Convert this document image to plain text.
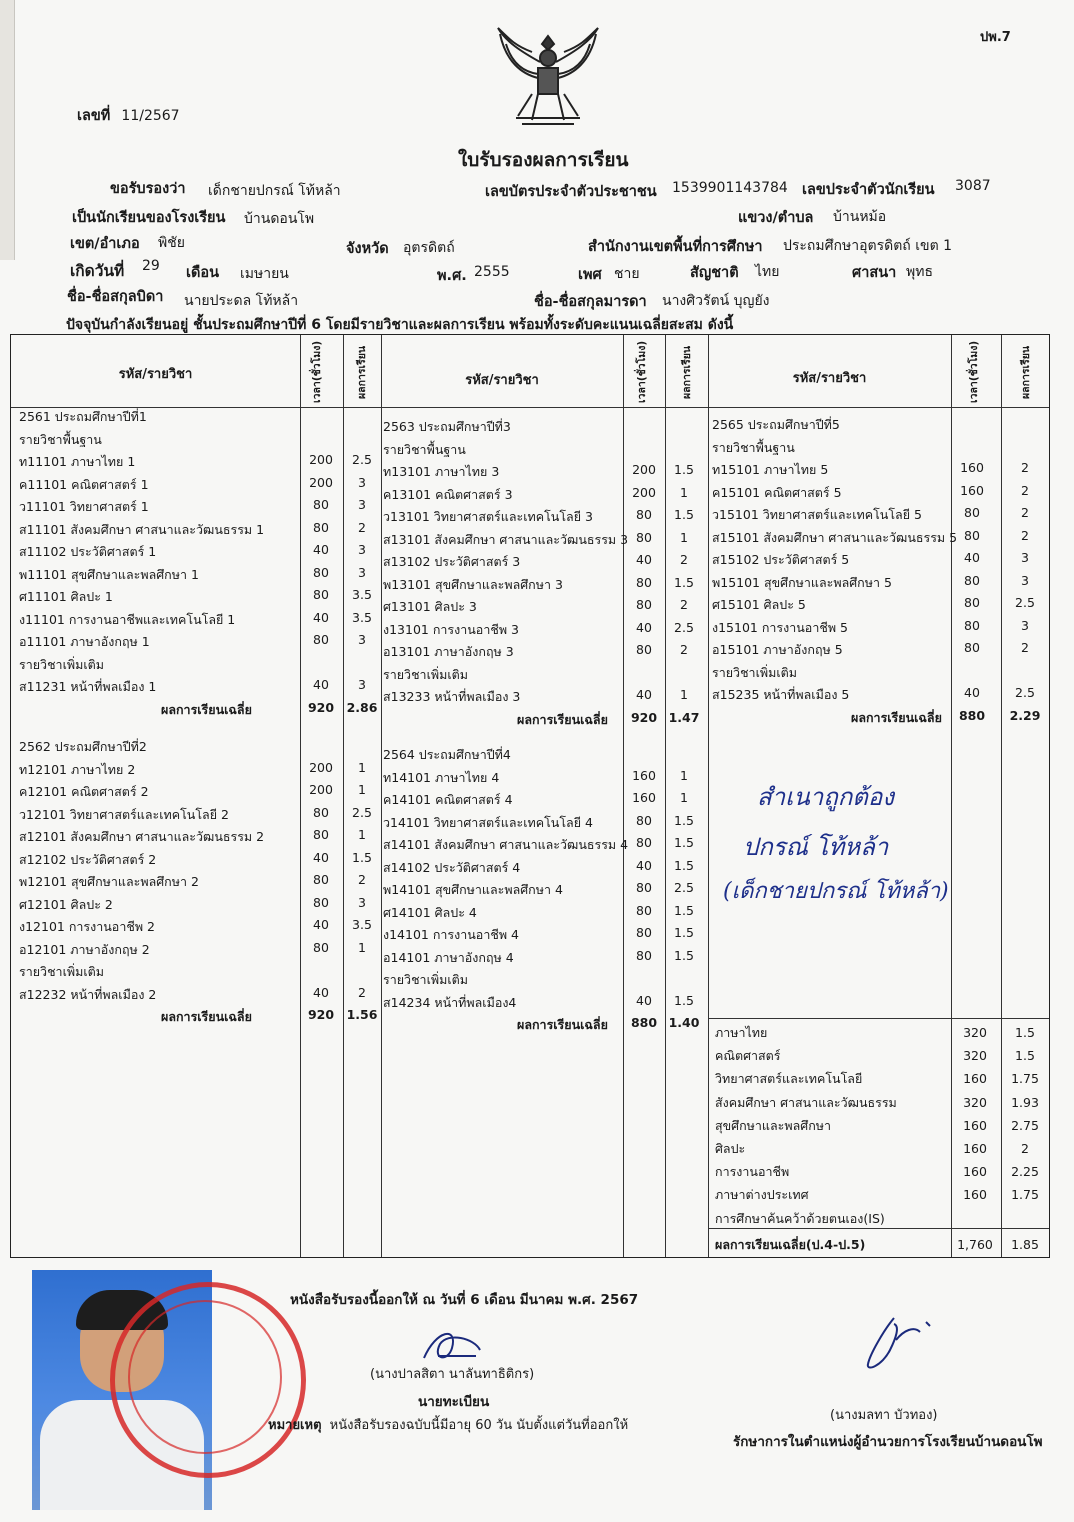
ปพ.7
เลขที่ 11/2567
ใบรับรองผลการเรียน
ขอรับรองว่า เด็กชายปกรณ์ โท้หล้า	เลขบัตรประจำตัวประชาชน 1539901143784 เลขประจำตัวนักเรียน 3087
เป็นนักเรียนของโรงเรียน บ้านดอนโพ	แขวง/ตำบล บ้านหม้อ
เขต/อำเภอ พิชัย	จังหวัด อุตรดิตถ์	สำนักงานเขตพื้นที่การศึกษา ประถมศึกษาอุตรดิตถ์ เขต 1
เกิดวันที่ 29 เดือน เมษายน	พ.ศ. 2555	เพศ ชาย	สัญชาติ ไทย	ศาสนา พุทธ
ชื่อ-ชื่อสกุลบิดา นายประดล โท้หล้า	ชื่อ-ชื่อสกุลมารดา นางศิวรัตน์ บุญยัง
ปัจจุบันกำลังเรียนอยู่ ชั้นประถมศึกษาปีที่ 6 โดยมีรายวิชาและผลการเรียน พร้อมทั้งระดับคะแนนเฉลี่ยสะสม ดังนี้
รหัส/รายวิชา	เวลา(ชั่วโมง)	ผลการเรียน	รหัส/รายวิชา	เวลา(ชั่วโมง)	ผลการเรียน	รหัส/รายวิชา	เวลา(ชั่วโมง)	ผลการเรียน
2561 ประถมศึกษาปีที่1
รายวิชาพื้นฐาน
ท11101 ภาษาไทย 1	200	2.5
ค11101 คณิตศาสตร์ 1	200	3
ว11101 วิทยาศาสตร์ 1	80	3
ส11101 สังคมศึกษา ศาสนาและวัฒนธรรม 1	80	2
ส11102 ประวัติศาสตร์ 1	40	3
พ11101 สุขศึกษาและพลศึกษา 1	80	3
ศ11101 ศิลปะ 1	80	3.5
ง11101 การงานอาชีพและเทคโนโลยี 1	40	3.5
อ11101 ภาษาอังกฤษ 1	80	3
รายวิชาเพิ่มเติม
ส11231 หน้าที่พลเมือง 1	40	3
ผลการเรียนเฉลี่ย	920	2.86
2562 ประถมศึกษาปีที่2
ท12101 ภาษาไทย 2	200	1
ค12101 คณิตศาสตร์ 2	200	1
ว12101 วิทยาศาสตร์และเทคโนโลยี 2	80	2.5
ส12101 สังคมศึกษา ศาสนาและวัฒนธรรม 2	80	1
ส12102 ประวัติศาสตร์ 2	40	1.5
พ12101 สุขศึกษาและพลศึกษา 2	80	2
ศ12101 ศิลปะ 2	80	3
ง12101 การงานอาชีพ 2	40	3.5
อ12101 ภาษาอังกฤษ 2	80	1
รายวิชาเพิ่มเติม
ส12232 หน้าที่พลเมือง 2	40	2
ผลการเรียนเฉลี่ย	920	1.56
2563 ประถมศึกษาปีที่3
รายวิชาพื้นฐาน
ท13101 ภาษาไทย 3	200	1.5
ค13101 คณิตศาสตร์ 3	200	1
ว13101 วิทยาศาสตร์และเทคโนโลยี 3	80	1.5
ส13101 สังคมศึกษา ศาสนาและวัฒนธรรม 3 80	1
ส13102 ประวัติศาสตร์ 3	40	2
พ13101 สุขศึกษาและพลศึกษา 3	80	1.5
ศ13101 ศิลปะ 3	80	2
ง13101 การงานอาชีพ 3	40	2.5
อ13101 ภาษาอังกฤษ 3	80	2
รายวิชาเพิ่มเติม
ส13233 หน้าที่พลเมือง 3	40	1
ผลการเรียนเฉลี่ย	920 1.47
2564 ประถมศึกษาปีที่4
ท14101 ภาษาไทย 4	160	1
ค14101 คณิตศาสตร์ 4	160	1
ว14101 วิทยาศาสตร์และเทคโนโลยี 4	80	1.5
ส14101 สังคมศึกษา ศาสนาและวัฒนธรรม 4 80	1.5
ส14102 ประวัติศาสตร์ 4	40	1.5
พ14101 สุขศึกษาและพลศึกษา 4	80	2.5
ศ14101 ศิลปะ 4	80	1.5
ง14101 การงานอาชีพ 4	80	1.5
อ14101 ภาษาอังกฤษ 4	80	1.5
รายวิชาเพิ่มเติม
ส14234 หน้าที่พลเมือง4	40	1.5
ผลการเรียนเฉลี่ย	880 1.40
2565 ประถมศึกษาปีที่5
รายวิชาพื้นฐาน
ท15101 ภาษาไทย 5	160	2
ค15101 คณิตศาสตร์ 5	160	2
ว15101 วิทยาศาสตร์และเทคโนโลยี 5	80	2
ส15101 สังคมศึกษา ศาสนาและวัฒนธรรม 5 80	2
ส15102 ประวัติศาสตร์ 5	40	3
พ15101 สุขศึกษาและพลศึกษา 5	80	3
ศ15101 ศิลปะ 5	80	2.5
ง15101 การงานอาชีพ 5	80	3
อ15101 ภาษาอังกฤษ 5	80	2
รายวิชาเพิ่มเติม
ส15235 หน้าที่พลเมือง 5	40	2.5
ผลการเรียนเฉลี่ย	880	2.29
ภาษาไทย	320	1.5
คณิตศาสตร์	320	1.5
วิทยาศาสตร์และเทคโนโลยี	160	1.75
สังคมศึกษา ศาสนาและวัฒนธรรม	320	1.93
สุขศึกษาและพลศึกษา	160	2.75
ศิลปะ	160	2
การงานอาชีพ	160	2.25
ภาษาต่างประเทศ	160	1.75
การศึกษาค้นคว้าด้วยตนเอง(IS)
ผลการเรียนเฉลี่ย(ป.4-ป.5)	1,760	1.85
สำเนาถูกต้อง
ปกรณ์ โท้หล้า
(เด็กชายปกรณ์ โท้หล้า)
หนังสือรับรองนี้ออกให้ ณ วันที่ 6 เดือน มีนาคม พ.ศ. 2567
(นางปาลสิตา นาลันทาธิติกร)
นายทะเบียน
หมายเหตุ หนังสือรับรองฉบับนี้มีอายุ 60 วัน นับตั้งแต่วันที่ออกให้
(นางมลทา บัวทอง)
รักษาการในตำแหน่งผู้อำนวยการโรงเรียนบ้านดอนโพ
